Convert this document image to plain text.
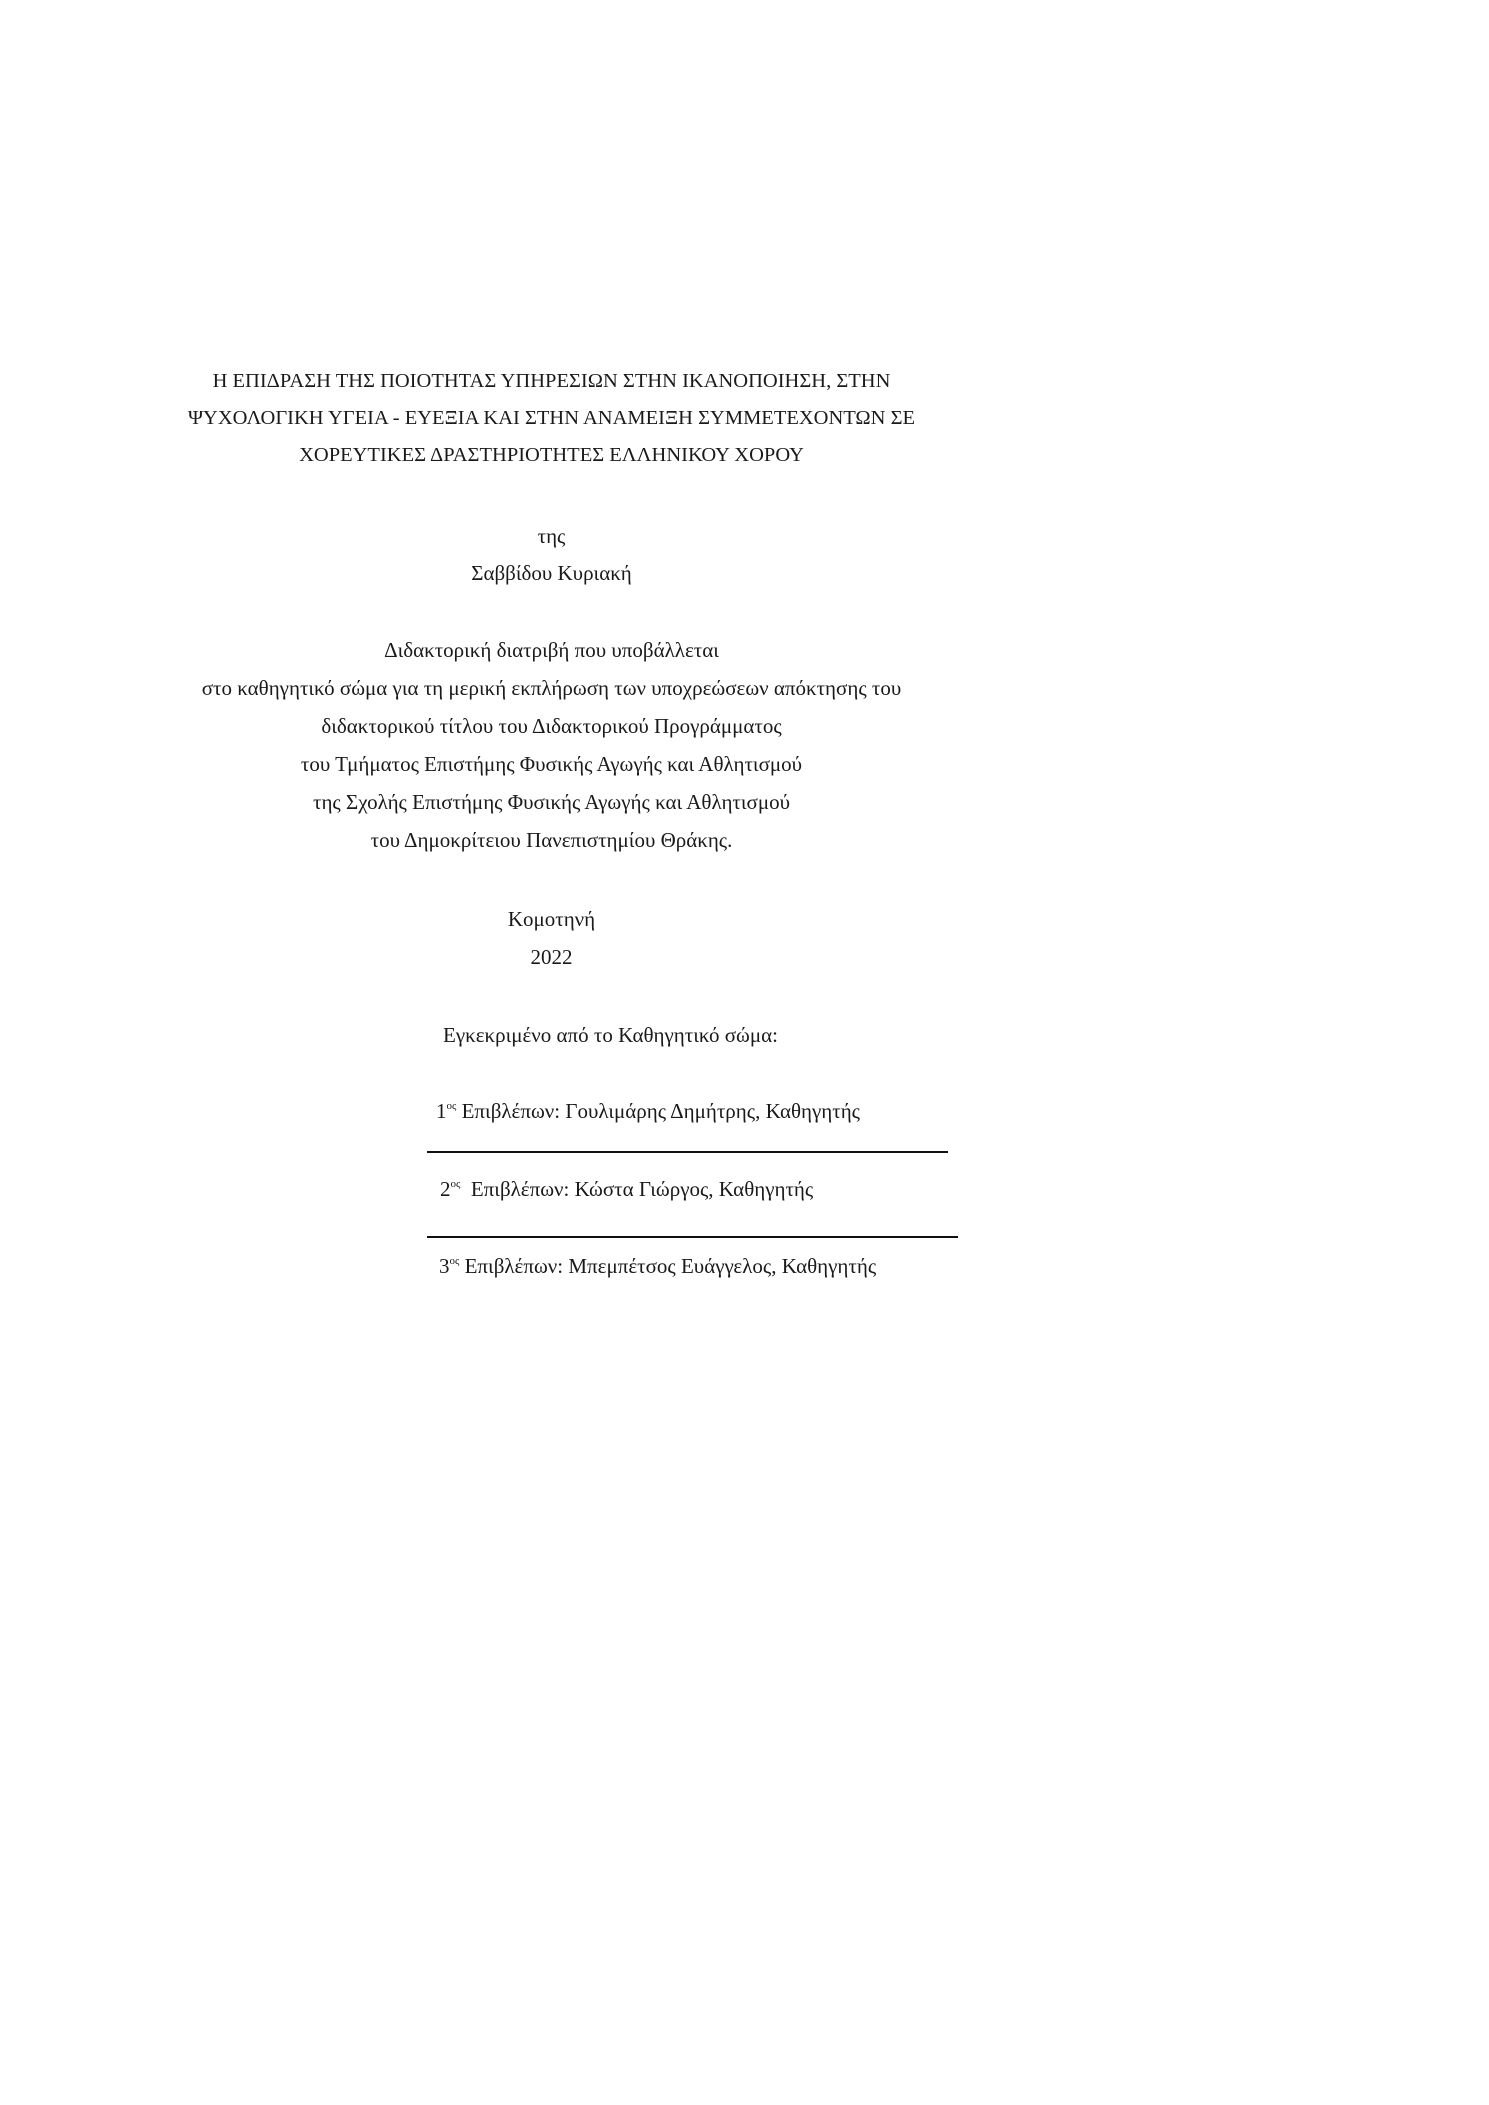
Η ΕΠΙΔΡΑΣΗ ΤΗΣ ΠΟΙΟΤΗΤΑΣ ΥΠΗΡΕΣΙΩΝ ΣΤΗΝ ΙΚΑΝΟΠΟΙΗΣΗ, ΣΤΗΝ
ΨΥΧΟΛΟΓΙΚΗ ΥΓΕΙΑ - ΕΥΕΞΙΑ ΚΑΙ ΣΤΗΝ ΑΝΑΜΕΙΞΗ ΣΥΜΜΕΤΕΧΟΝΤΩΝ ΣΕ
ΧΟΡΕΥΤΙΚΕΣ ΔΡΑΣΤΗΡΙΟΤΗΤΕΣ ΕΛΛΗΝΙΚΟΥ ΧΟΡΟΥ
της
Σαββίδου Κυριακή
Διδακτορική διατριβή που υποβάλλεται
στο καθηγητικό σώμα για τη μερική εκπλήρωση των υποχρεώσεων απόκτησης του
διδακτορικού τίτλου του Διδακτορικού Προγράμματος
του Τμήματος Επιστήμης Φυσικής Αγωγής και Αθλητισμού
της Σχολής Επιστήμης Φυσικής Αγωγής και Αθλητισμού
του Δημοκρίτειου Πανεπιστημίου Θράκης.
Κομοτηνή
2022
Εγκεκριμένο από το Καθηγητικό σώμα:
$1^{o\varsigma}$ Επιβλέπων: Γουλιμάρης Δημήτρης, Καθηγητής
$2^{o\varsigma}$  Επιβλέπων: Κώστα Γιώργος, Καθηγητής
$3^{o\varsigma}$ Επιβλέπων: Μπεμπέτσος Ευάγγελος, Καθηγητής
